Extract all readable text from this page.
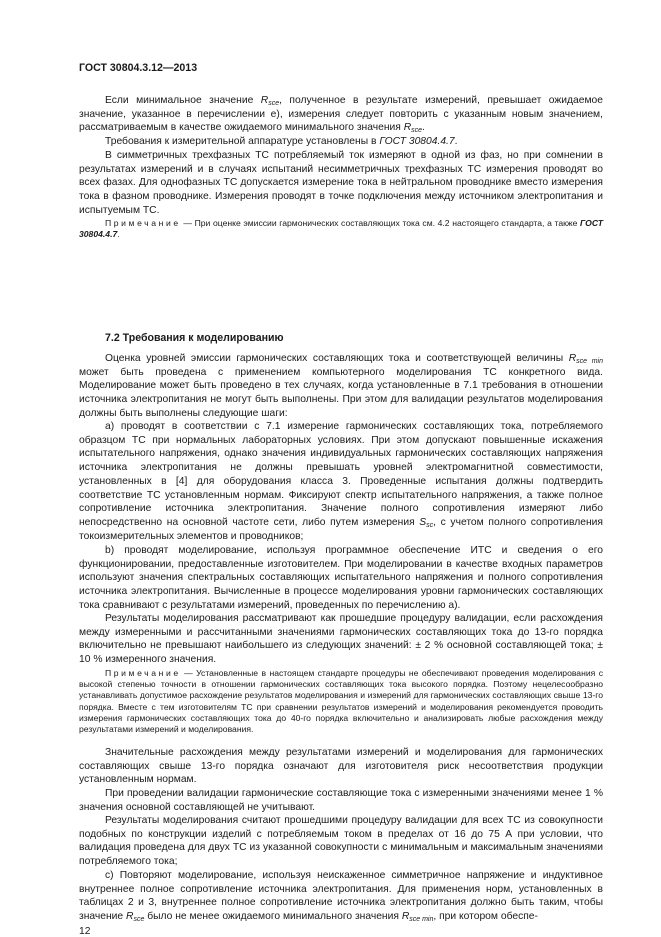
ГОСТ 30804.3.12—2013

Если минимальное значение $R_{sce}$, полученное в результате измерений, превышает ожидаемое значение, указанное в перечислении е), измерения следует повторить с указанным новым значением, рассматриваемым в качестве ожидаемого минимального значения $R_{sce}$.

Требования к измерительной аппаратуре установлены в ГОСТ 30804.4.7.

В симметричных трехфазных ТС потребляемый ток измеряют в одной из фаз, но при сомнении в результатах измерений и в случаях испытаний несимметричных трехфазных ТС измерения проводят во всех фазах. Для однофазных ТС допускается измерение тока в нейтральном проводнике вместо измерения тока в фазном проводнике. Измерения проводят в точке подключения между источником электропитания и испытуемым ТС.

Примечание — При оценке эмиссии гармонических составляющих тока см. 4.2 настоящего стандарта, а также ГОСТ 30804.4.7.

7.2 Требования к моделированию

Оценка уровней эмиссии гармонических составляющих тока и соответствующей величины $R_{sce min}$ может быть проведена с применением компьютерного моделирования ТС конкретного вида. Моделирование может быть проведено в тех случаях, когда установленные в 7.1 требования в отношении источника электропитания не могут быть выполнены. При этом для валидации результатов моделирования должны быть выполнены следующие шаги:

а) проводят в соответствии с 7.1 измерение гармонических составляющих тока, потребляемого образцом ТС при нормальных лабораторных условиях. При этом допускают повышенные искажения испытательного напряжения, однако значения индивидуальных гармонических составляющих напряжения источника электропитания не должны превышать уровней электромагнитной совместимости, установленных в [4] для оборудования класса 3. Проведенные испытания должны подтвердить соответствие ТС установленным нормам. Фиксируют спектр испытательного напряжения, а также полное сопротивление источника электропитания. Значение полного сопротивления измеряют либо непосредственно на основной частоте сети, либо путем измерения $S_{sc}$, с учетом полного сопротивления токоизмерительных элементов и проводников;

b) проводят моделирование, используя программное обеспечение ИТС и сведения о его функционировании, предоставленные изготовителем. При моделировании в качестве входных параметров используют значения спектральных составляющих испытательного напряжения и полного сопротивления источника электропитания. Вычисленные в процессе моделирования уровни гармонических составляющих тока сравнивают с результатами измерений, проведенных по перечислению а).

Результаты моделирования рассматривают как прошедшие процедуру валидации, если расхождения между измеренными и рассчитанными значениями гармонических составляющих тока до 13-го порядка включительно не превышают наибольшего из следующих значений: ± 2 % основной составляющей тока; ± 10 % измеренного значения.

Примечание — Установленные в настоящем стандарте процедуры не обеспечивают проведения моделирования с высокой степенью точности в отношении гармонических составляющих тока высокого порядка. Поэтому нецелесообразно устанавливать допустимое расхождение результатов моделирования и измерений для гармонических составляющих свыше 13-го порядка. Вместе с тем изготовителям ТС при сравнении результатов измерений и моделирования рекомендуется проводить измерения гармонических составляющих тока до 40-го порядка включительно и анализировать любые расхождения между результатами измерений и моделирования.

Значительные расхождения между результатами измерений и моделирования для гармонических составляющих свыше 13-го порядка означают для изготовителя риск несоответствия продукции установленным нормам.

При проведении валидации гармонические составляющие тока с измеренными значениями менее 1 % значения основной составляющей не учитывают.

Результаты моделирования считают прошедшими процедуру валидации для всех ТС из совокупности подобных по конструкции изделий с потребляемым током в пределах от 16 до 75 А при условии, что валидация проведена для двух ТС из указанной совокупности с минимальным и максимальным значениями потребляемого тока;

с) Повторяют моделирование, используя неискаженное симметричное напряжение и индуктивное внутреннее полное сопротивление источника электропитания. Для применения норм, установленных в таблицах 2 и 3, внутреннее полное сопротивление источника электропитания должно быть таким, чтобы значение $R_{sce}$ было не менее ожидаемого минимального значения $R_{sce min}$, при котором обеспе-

12
